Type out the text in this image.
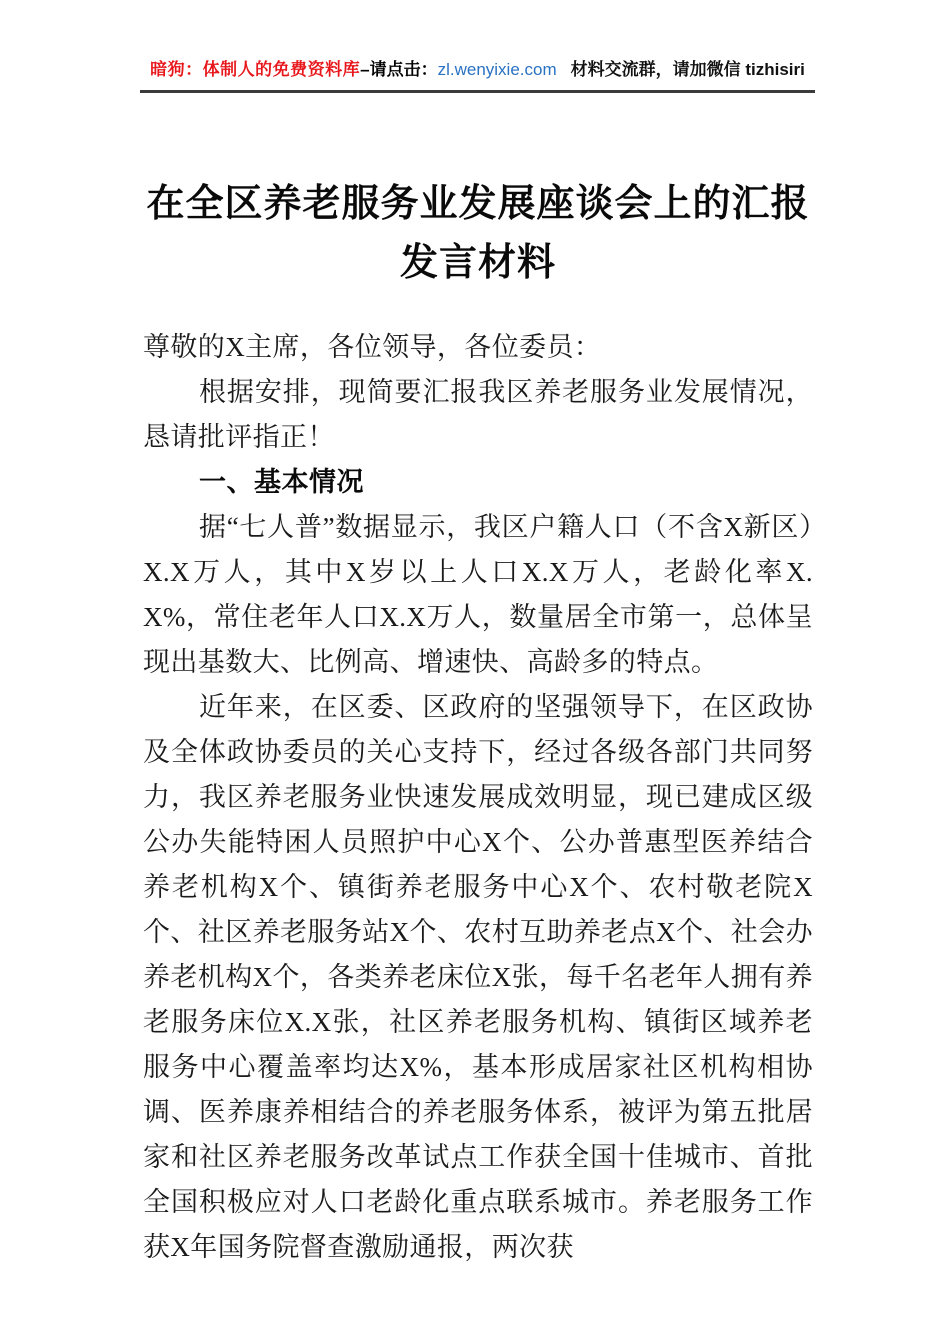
暗狗：体制人的免费资料库–请点击：zl.wenyixie.com 材料交流群，请加微信 tizhisiri
在全区养老服务业发展座谈会上的汇报发言材料

尊敬的X主席，各位领导，各位委员：

根据安排，现简要汇报我区养老服务业发展情况，恳请批评指正！

一、基本情况

据“七人普”数据显示，我区户籍人口（不含X新区）X.X万人，其中X岁以上人口X.X万人，老龄化率X.X%，常住老年人口X.X万人，数量居全市第一，总体呈现出基数大、比例高、增速快、高龄多的特点。

近年来，在区委、区政府的坚强领导下，在区政协及全体政协委员的关心支持下，经过各级各部门共同努力，我区养老服务业快速发展成效明显，现已建成区级公办失能特困人员照护中心X个、公办普惠型医养结合养老机构X个、镇街养老服务中心X个、农村敬老院X个、社区养老服务站X个、农村互助养老点X个、社会办养老机构X个，各类养老床位X张，每千名老年人拥有养老服务床位X.X张，社区养老服务机构、镇街区域养老服务中心覆盖率均达X%，基本形成居家社区机构相协调、医养康养相结合的养老服务体系，被评为第五批居家和社区养老服务改革试点工作获全国十佳城市、首批全国积极应对人口老龄化重点联系城市。养老服务工作获X年国务院督查激励通报，两次获
